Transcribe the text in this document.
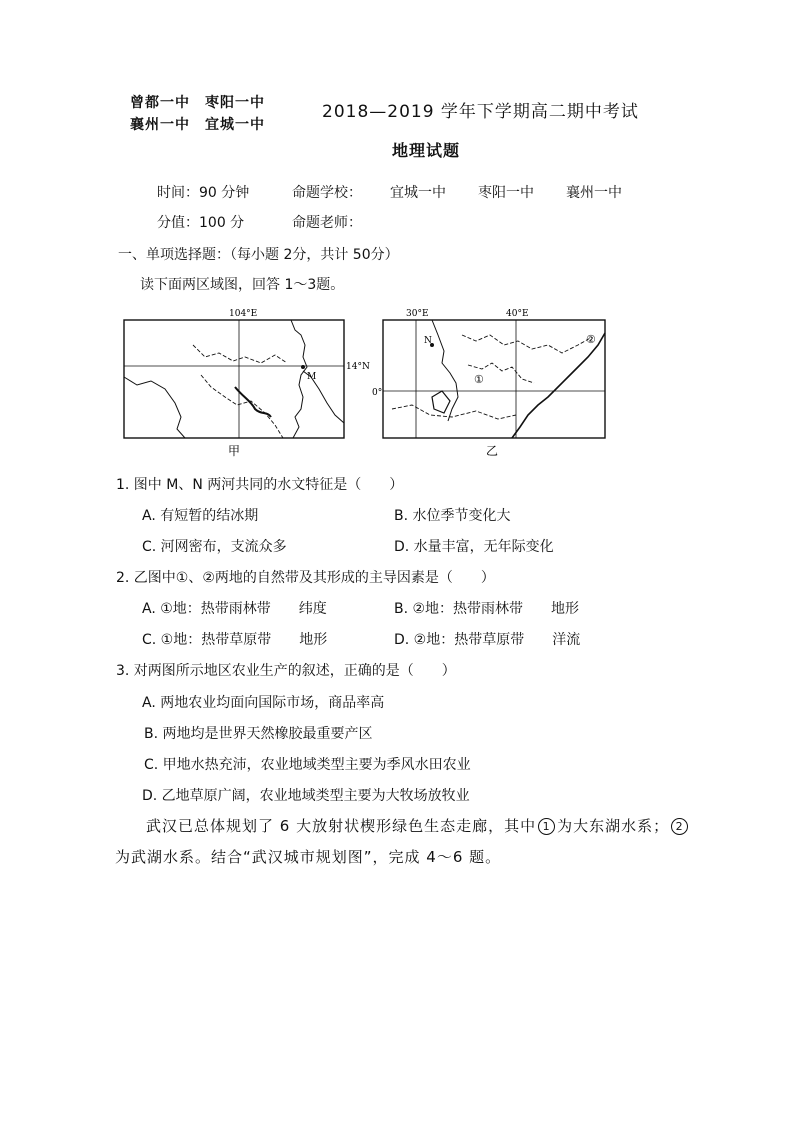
曾都一中　枣阳一中
襄州一中　宜城一中
2018—2019 学年下学期高二期中考试
地理试题
时间：90 分钟	命题学校： 宜城一中 枣阳一中 襄州一中
分值：100 分	命题老师：
一、单项选择题：（每小题 2分，共计 50分）
读下面两区域图，回答 1～3题。
104°E
14°N
M
甲
30°E	40°E
0°
N
①
②
乙
1. 图中 M、N 两河共同的水文特征是（　　）
A. 有短暂的结冰期	B. 水位季节变化大
C. 河网密布，支流众多	D. 水量丰富，无年际变化
2. 乙图中①、②两地的自然带及其形成的主导因素是（　　）
A. ①地：热带雨林带　　纬度	B. ②地：热带雨林带　　地形
C. ①地：热带草原带　　地形	D. ②地：热带草原带　　洋流
3. 对两图所示地区农业生产的叙述，正确的是（　　）
A. 两地农业均面向国际市场，商品率高
B. 两地均是世界天然橡胶最重要产区
C. 甲地水热充沛，农业地域类型主要为季风水田农业
D. 乙地草原广阔，农业地域类型主要为大牧场放牧业
武汉已总体规划了 6 大放射状楔形绿色生态走廊，其中 1 为大东湖水系； 2
为武湖水系。结合“武汉城市规划图”，完成 4～6 题。
